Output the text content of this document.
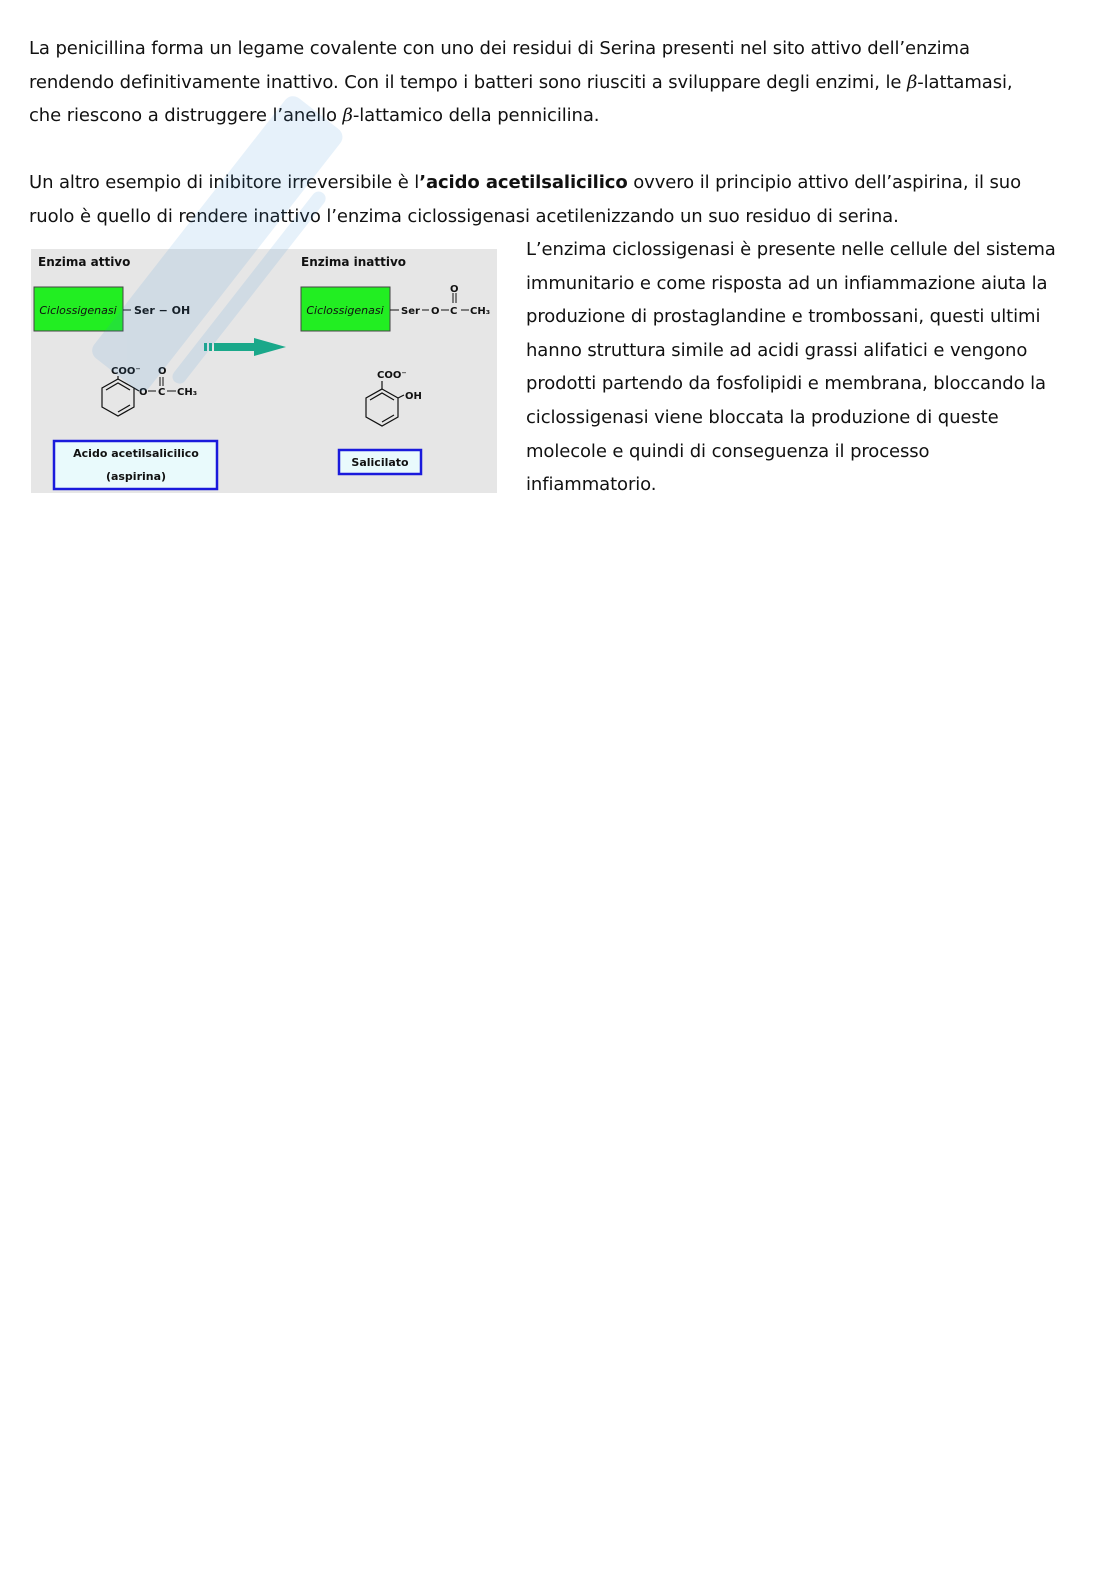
La penicillina forma un legame covalente con uno dei residui di Serina presenti nel sito attivo dell’enzima
rendendo definitivamente inattivo. Con il tempo i batteri sono riusciti a sviluppare degli enzimi, le β-lattamasi,
che riescono a distruggere l’anello β-lattamico della pennicilina.
Un altro esempio di inibitore irreversibile è l’acido acetilsalicilico ovvero il principio attivo dell’aspirina, il suo
ruolo è quello di rendere inattivo l’enzima ciclossigenasi acetilenizzando un suo residuo di serina.
L’enzima ciclossigenasi è presente nelle cellule del sistema
immunitario e come risposta ad un infiammazione aiuta la
produzione di prostaglandine e trombossani, questi ultimi
hanno struttura simile ad acidi grassi alifatici e vengono
prodotti partendo da fosfolipidi e membrana, bloccando la
ciclossigenasi viene bloccata la produzione di queste
molecole e quindi di conseguenza il processo
infiammatorio.
Enzima attivo	Enzima inattivo
Ciclossigenasi Ser − OH	Ciclossigenasi Ser O C
O
CH₃
COO⁻ O
O C CH₃
COO⁻
OH
Acido acetilsalicilico
(aspirina)
Salicilato
